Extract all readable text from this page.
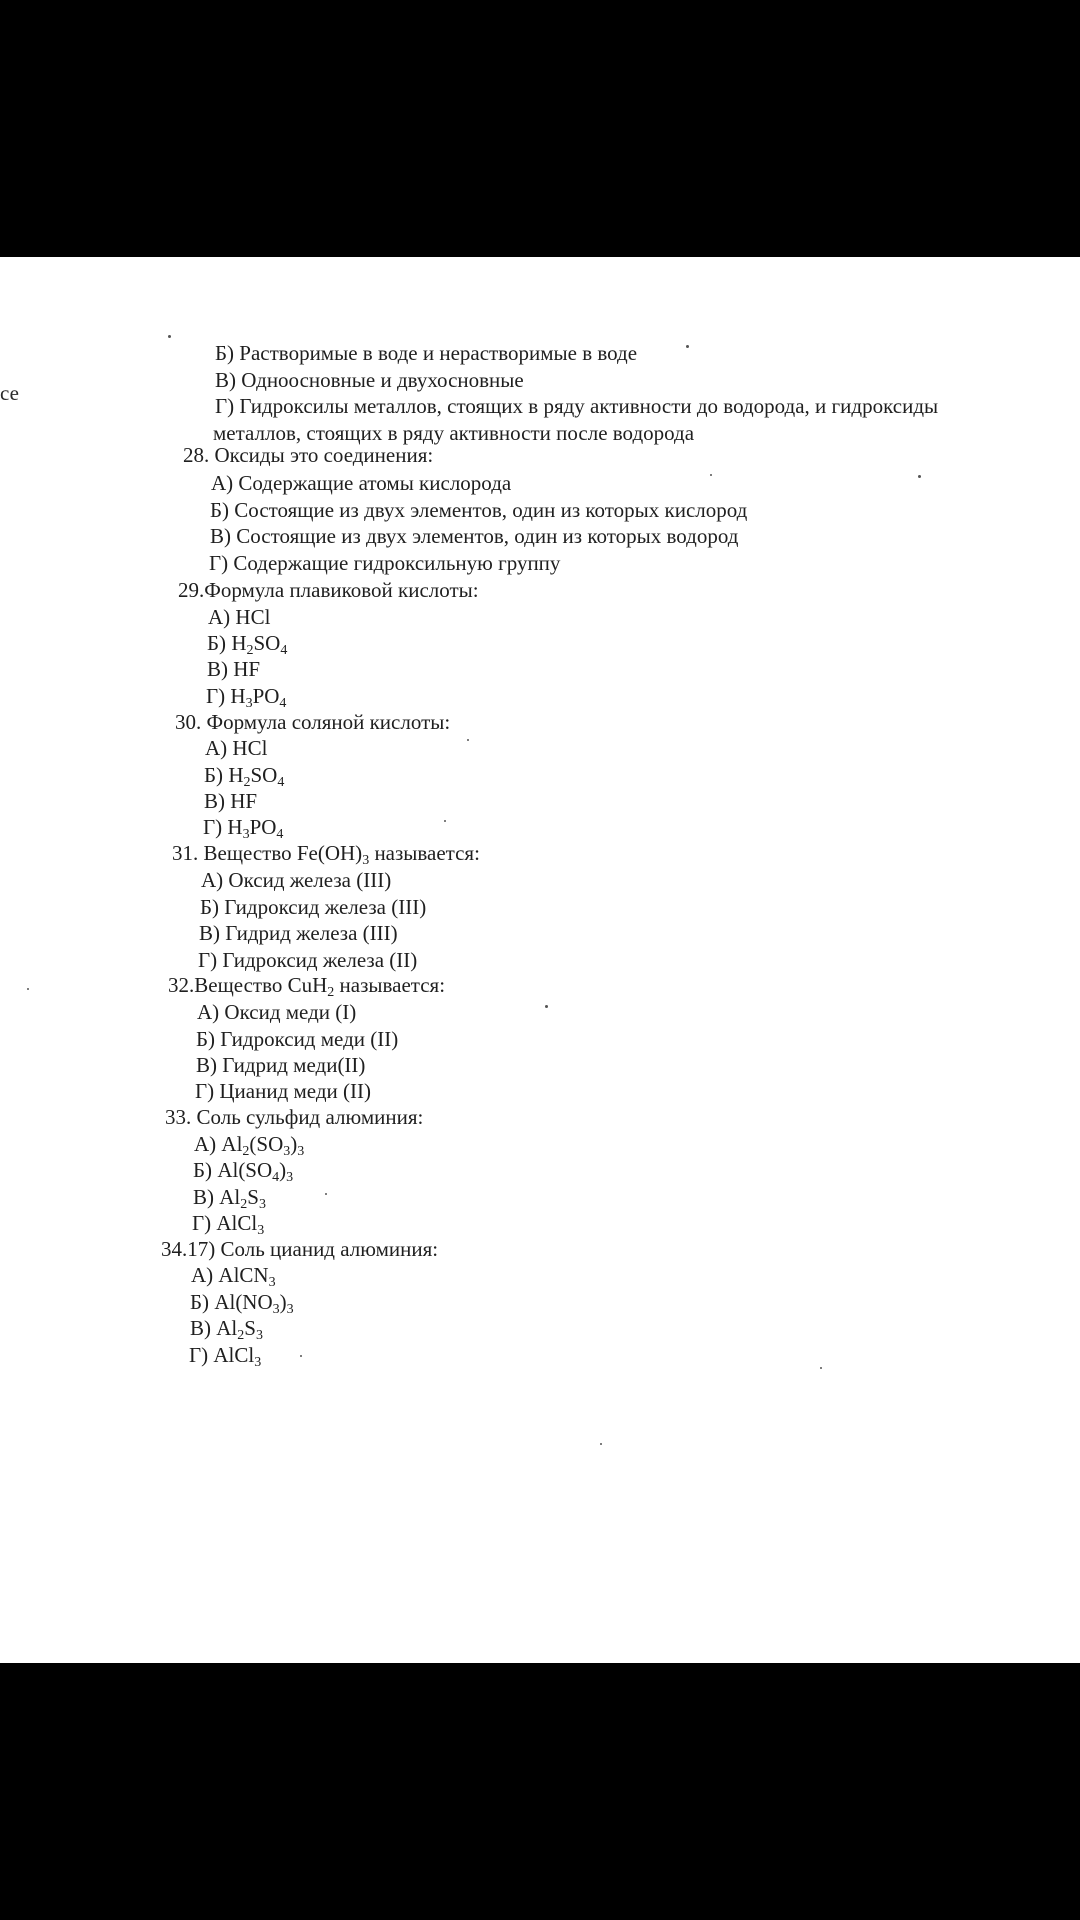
се
Б) Растворимые в воде и нерастворимые в воде
В) Одноосновные и двухосновные
Г) Гидроксилы металлов, стоящих в ряду активности до водорода, и гидроксиды
металлов, стоящих в ряду активности после водорода
28. Оксиды это соединения:
А) Содержащие атомы кислорода
Б) Состоящие из двух элементов, один из которых кислород
В) Состоящие из двух элементов, один из которых водород
Г) Содержащие гидроксильную группу
29.Формула плавиковой кислоты:
А) HCl
Б) $H_2SO_4$
В) HF
Г) $H_3PO_4$
30. Формула соляной кислоты:
А) HCl
Б) $H_2SO_4$
В) HF
Г) $H_3PO_4$
31. Вещество $Fe(OH)_3$ называется:
А) Оксид железа (III)
Б) Гидроксид железа (III)
В) Гидрид железа (III)
Г) Гидроксид железа (II)
32.Вещество CuH$_2$ называется:
А) Оксид меди (I)
Б) Гидроксид меди (II)
В) Гидрид меди(II)
Г) Цианид меди (II)
33. Соль сульфид алюминия:
А) $Al_2(SO_3)_3$
Б) $Al(SO_4)_3$
В) $Al_2S_3$
Г) AlCl$_3$
34.17) Соль цианид алюминия:
А) AlCN$_3$
Б) $Al(NO_3)_3$
В) $Al_2S_3$
Г) AlCl$_3$
